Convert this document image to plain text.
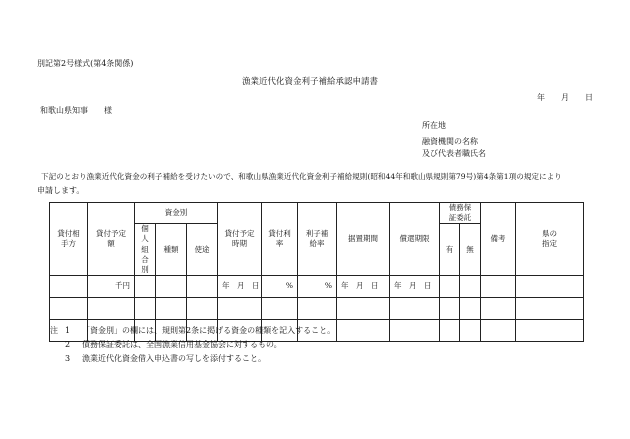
別記第2号様式(第4条関係)
漁業近代化資金利子補給承認申請書
年　　月　　日
和歌山県知事　　様
所在地
融資機関の名称
及び代表者職氏名
下記のとおり漁業近代化資金の利子補給を受けたいので、和歌山県漁業近代化資金利子補給規則(昭和44年和歌山県規則第79号)第4条第1項の規定により
申請します。
貸付相手方	貸付予定額	資金別			貸付予定時期	貸付利率	利子補給率	据置期間	償還期限	債務保証委託		備考	県の指定
		個人組合別	種類	使途						有	無		
	千円				年　月　日	%	%	年　月　日	年　月　日				

注 1 「資金別」の欄には、規則第2条に掲げる資金の種類を記入すること。
2 債務保証委託は、全国漁業信用基金協会に対するもの。
3 漁業近代化資金借入申込書の写しを添付すること。
